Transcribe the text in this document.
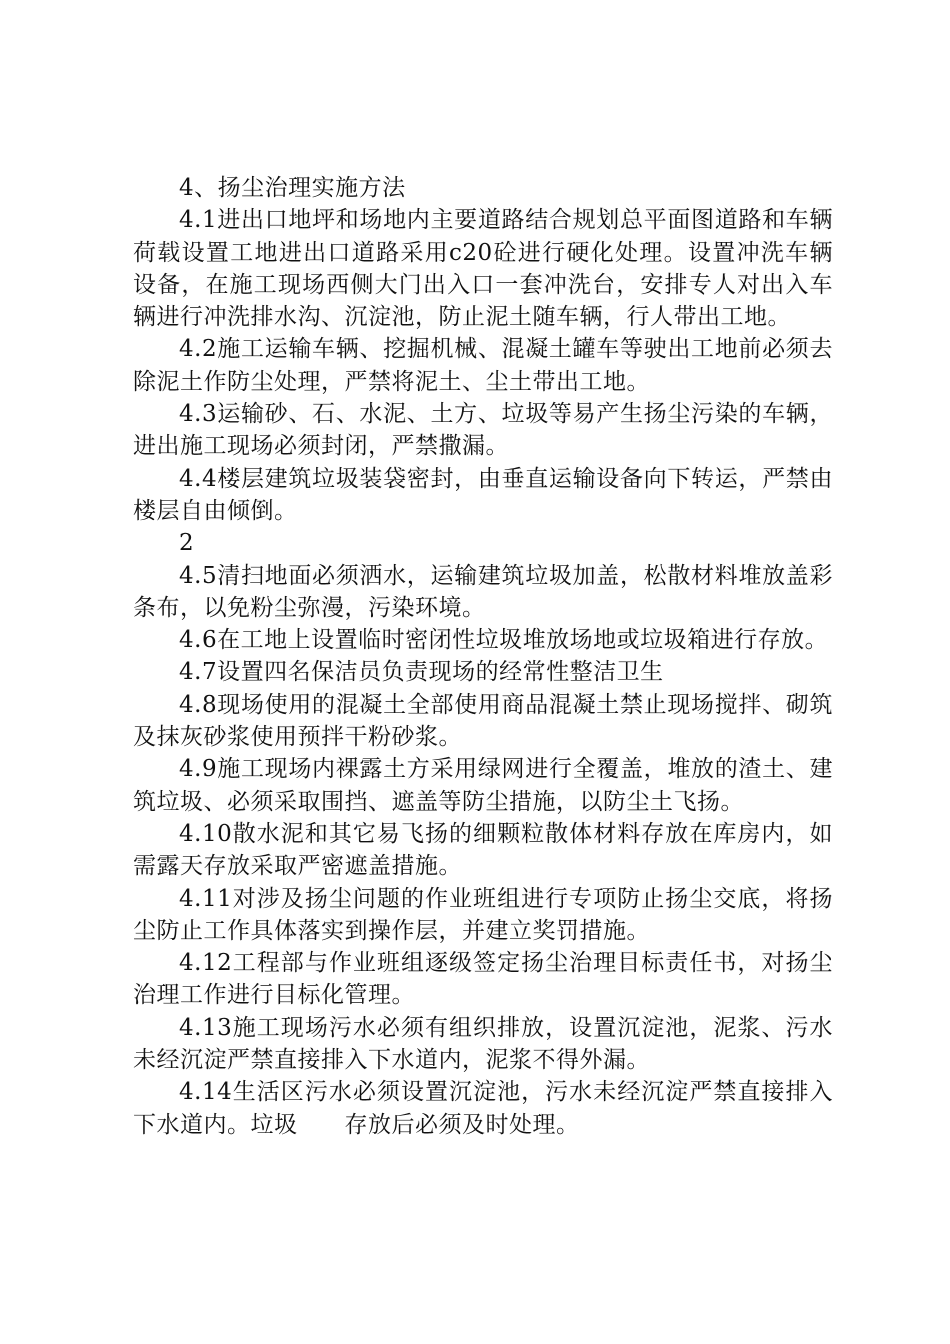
4、扬尘治理实施方法

4.1进出口地坪和场地内主要道路结合规划总平面图道路和车辆荷载设置工地进出口道路采用c20砼进行硬化处理。设置冲洗车辆设备，在施工现场西侧大门出入口一套冲洗台，安排专人对出入车辆进行冲洗排水沟、沉淀池，防止泥土随车辆，行人带出工地。

4.2施工运输车辆、挖掘机械、混凝土罐车等驶出工地前必须去除泥土作防尘处理，严禁将泥土、尘土带出工地。

4.3运输砂、石、水泥、土方、垃圾等易产生扬尘污染的车辆，进出施工现场必须封闭，严禁撒漏。

4.4楼层建筑垃圾装袋密封，由垂直运输设备向下转运，严禁由楼层自由倾倒。

2

4.5清扫地面必须洒水，运输建筑垃圾加盖，松散材料堆放盖彩条布，以免粉尘弥漫，污染环境。

4.6在工地上设置临时密闭性垃圾堆放场地或垃圾箱进行存放。

4.7设置四名保洁员负责现场的经常性整洁卫生

4.8现场使用的混凝土全部使用商品混凝土禁止现场搅拌、砌筑及抹灰砂浆使用预拌干粉砂浆。

4.9施工现场内裸露土方采用绿网进行全覆盖，堆放的渣土、建筑垃圾、必须采取围挡、遮盖等防尘措施，以防尘土飞扬。

4.10散水泥和其它易飞扬的细颗粒散体材料存放在库房内，如需露天存放采取严密遮盖措施。

4.11对涉及扬尘问题的作业班组进行专项防止扬尘交底，将扬尘防止工作具体落实到操作层，并建立奖罚措施。

4.12工程部与作业班组逐级签定扬尘治理目标责任书，对扬尘治理工作进行目标化管理。

4.13施工现场污水必须有组织排放，设置沉淀池，泥浆、污水未经沉淀严禁直接排入下水道内，泥浆不得外漏。

4.14生活区污水必须设置沉淀池，污水未经沉淀严禁直接排入下水道内。垃圾　　存放后必须及时处理。
